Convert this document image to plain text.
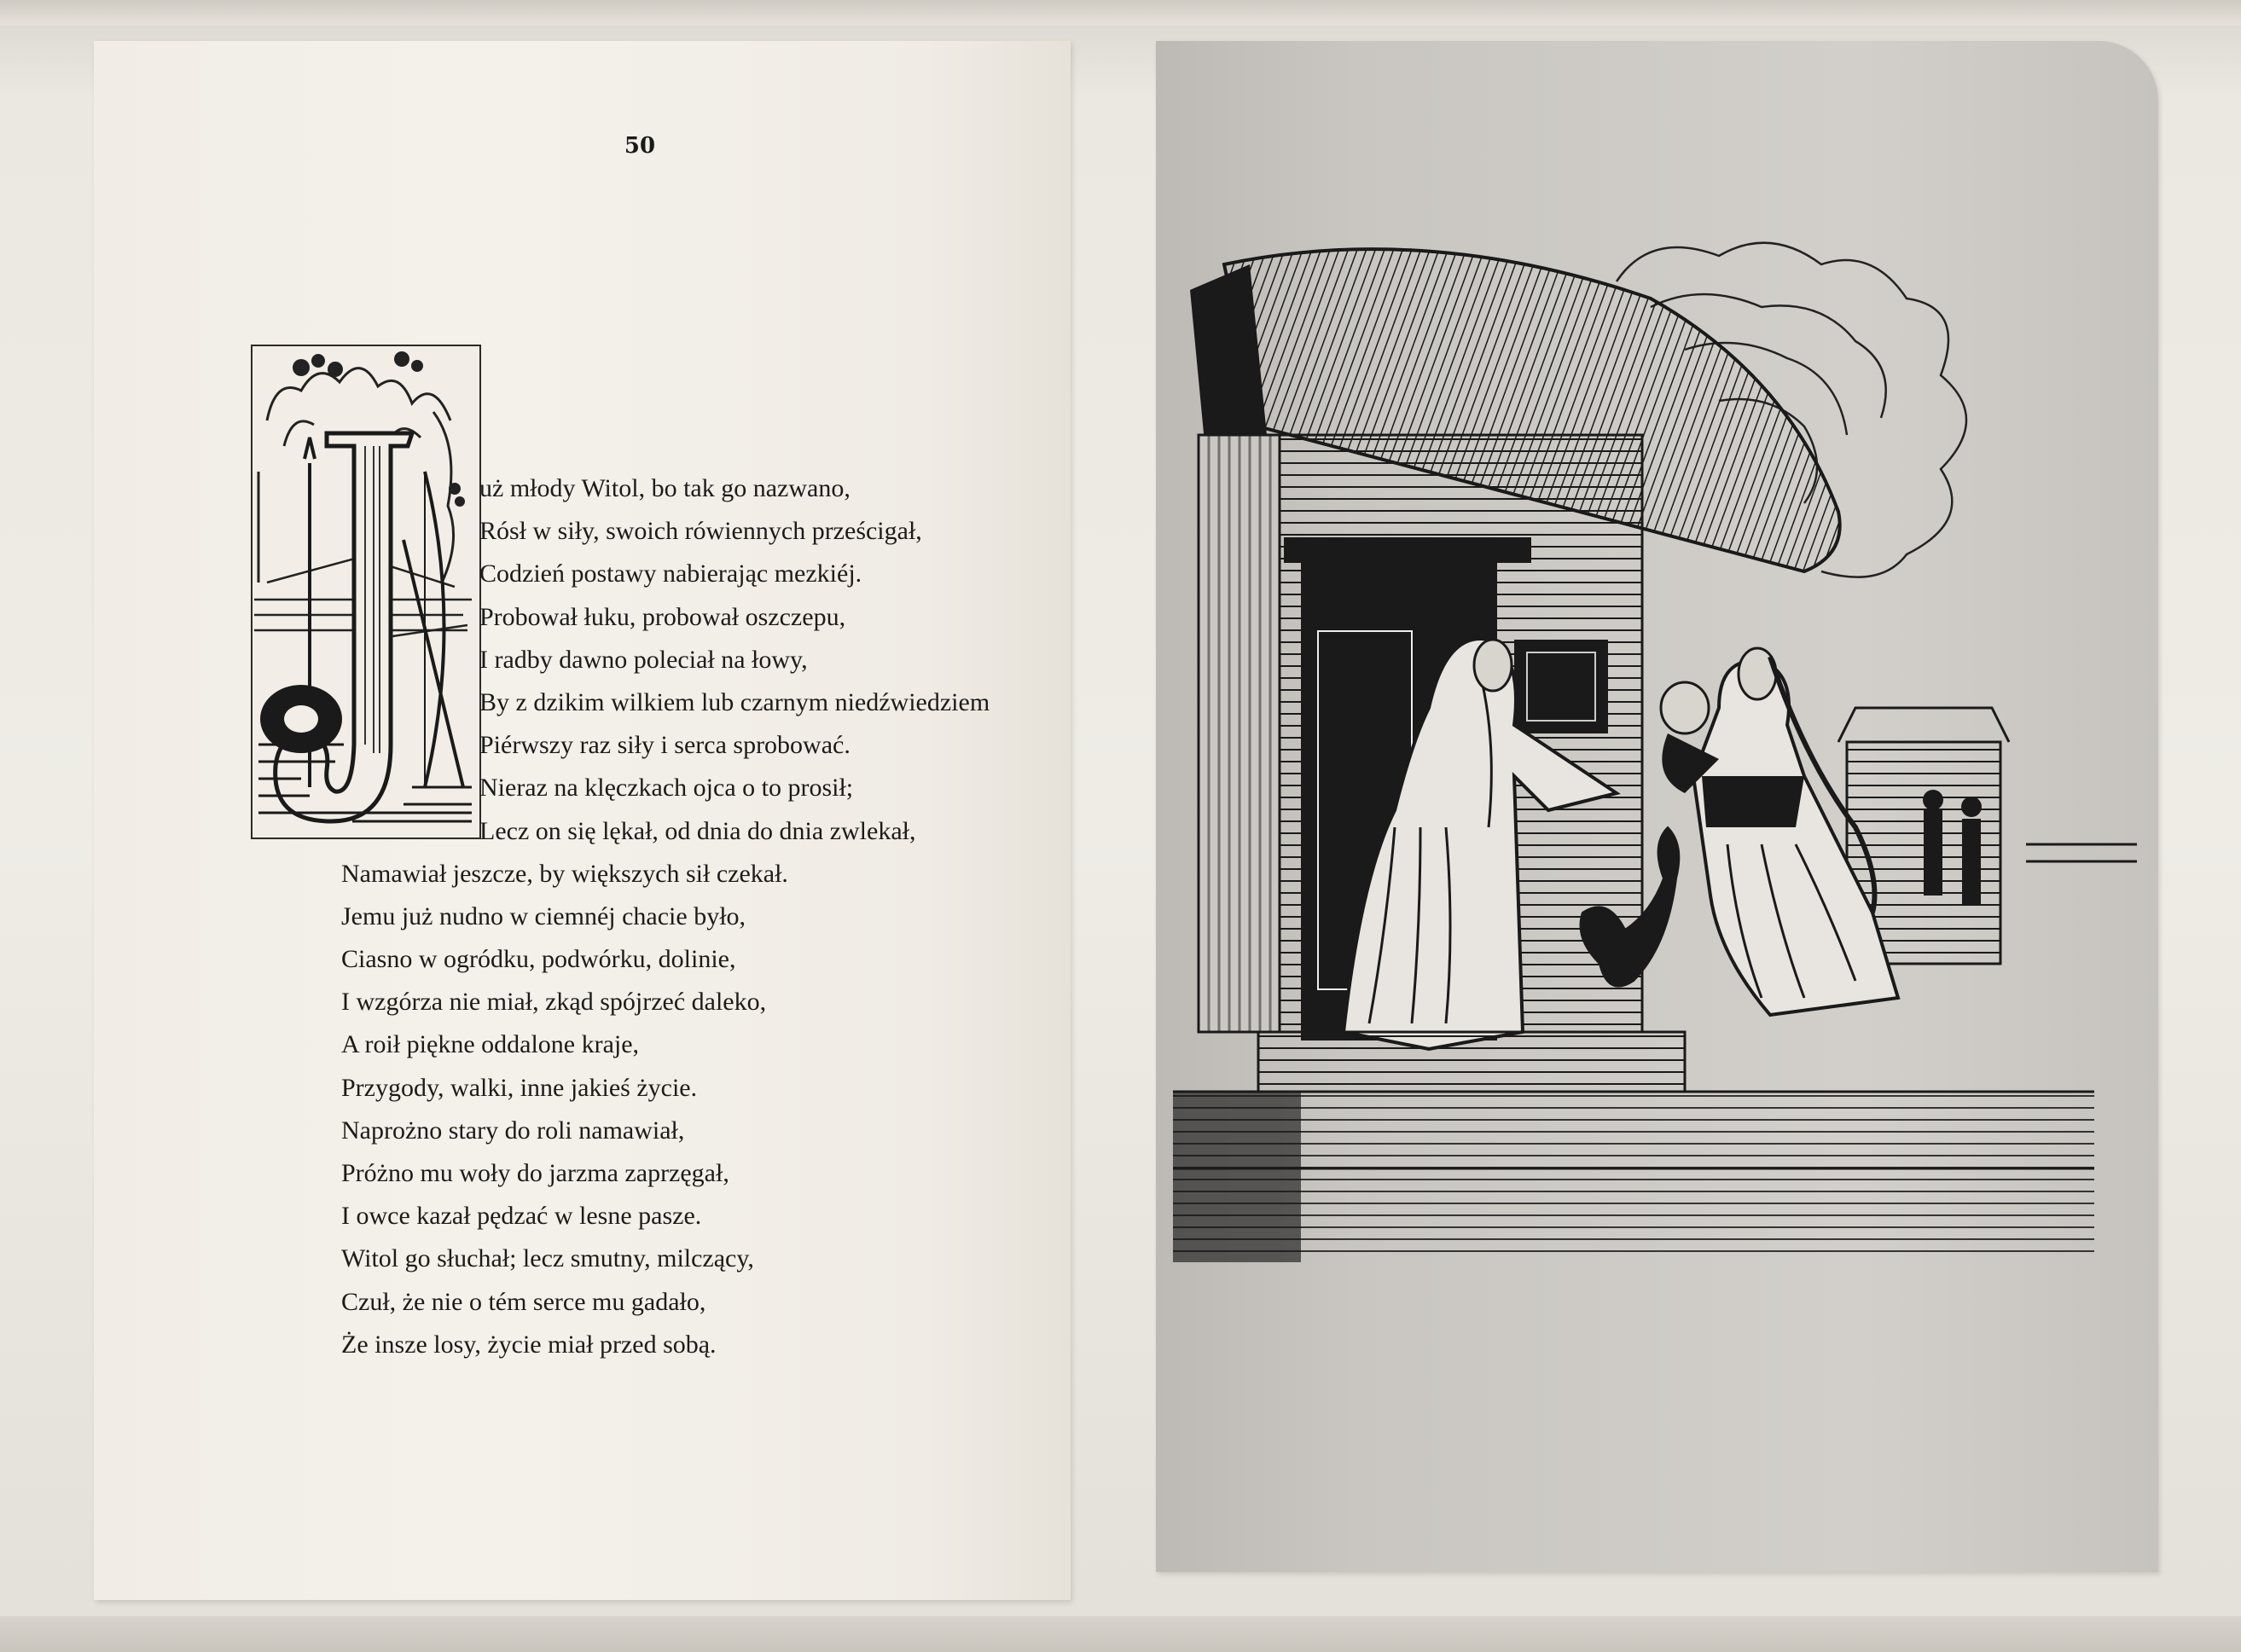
50
uż młody Witol, bo tak go nazwano,
Rósł w siły, swoich rówiennych prześcigał,
Codzień postawy nabierając mezkiéj.
Probował łuku, probował oszczepu,
I radby dawno poleciał na łowy,
By z dzikim wilkiem lub czarnym niedźwiedziem
Piérwszy raz siły i serca sprobować.
Nieraz na klęczkach ojca o to prosił;
Lecz on się lękał, od dnia do dnia zwlekał,
Namawiał jeszcze, by większych sił czekał.
Jemu już nudno w ciemnéj chacie było,
Ciasno w ogródku, podwórku, dolinie,
I wzgórza nie miał, zkąd spójrzeć daleko,
A roił piękne oddalone kraje,
Przygody, walki, inne jakieś życie.
Naprożno stary do roli namawiał,
Próżno mu woły do jarzma zaprzęgał,
I owce kazał pędzać w lesne pasze.
Witol go słuchał; lecz smutny, milczący,
Czuł, że nie o tém serce mu gadało,
Że insze losy, życie miał przed sobą.
